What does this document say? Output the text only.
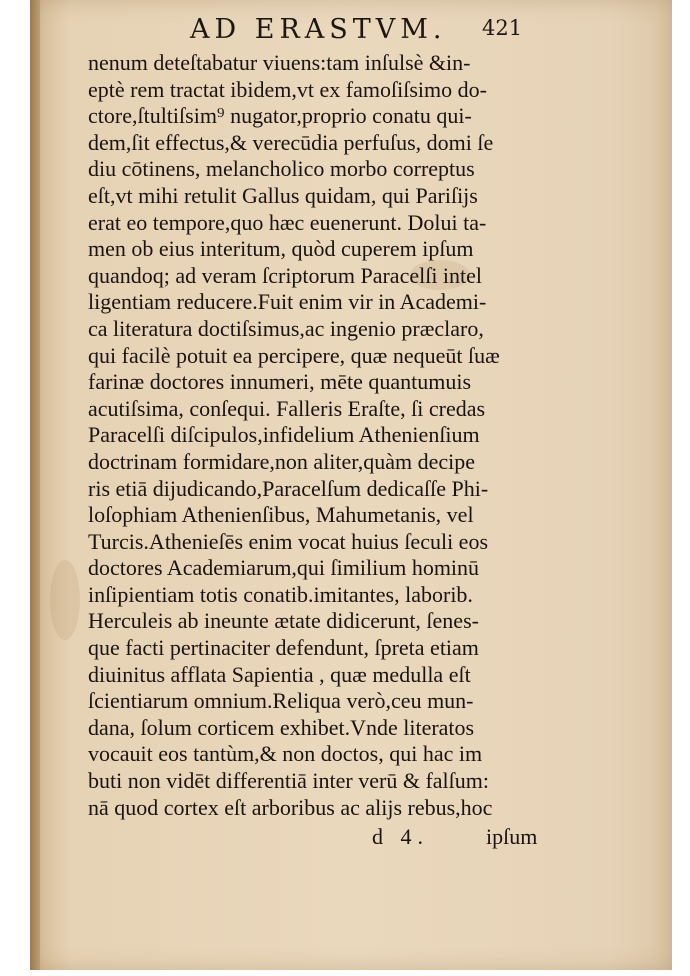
AD ERASTVM. 421
nenum deteſtabatur viuens:tam inſulsè &in-
eptè rem tractat ibidem,vt ex famoſiſsimo do-
ctore,ſtultiſsim⁹ nugator,proprio conatu qui-
dem,ſit effectus,& verecūdia perfuſus, domi ſe
diu cōtinens, melancholico morbo correptus
eſt,vt mihi retulit Gallus quidam, qui Pariſijs
erat eo tempore,quo hæc euenerunt. Dolui ta-
men ob eius interitum, quòd cuperem ipſum
quandoq; ad veram ſcriptorum Paracelſi intel
ligentiam reducere.Fuit enim vir in Academi-
ca literatura doctiſsimus,ac ingenio præclaro,
qui facilè potuit ea percipere, quæ nequeūt ſuæ
farinæ doctores innumeri, mēte quantumuis
acutiſsima, conſequi. Falleris Eraſte, ſi credas
Paracelſi diſcipulos,infidelium Athenienſium
doctrinam formidare,non aliter,quàm decipe
ris etiā dijudicando,Paracelſum dedicaſſe Phi-
loſophiam Athenienſibus, Mahumetanis, vel
Turcis.Athenieſēs enim vocat huius ſeculi eos
doctores Academiarum,qui ſimilium hominū
inſipientiam totis conatib.imitantes, laborib.
Herculeis ab ineunte ætate didicerunt, ſenes-
que facti pertinaciter defendunt, ſpreta etiam
diuinitus afflata Sapientia , quæ medulla eſt
ſcientiarum omnium.Reliqua verò,ceu mun-
dana, ſolum corticem exhibet.Vnde literatos
vocauit eos tantùm,& non doctos, qui hac im
buti non vidēt differentiā inter verū & falſum:
nā quod cortex eſt arboribus ac alijs rebus,hoc
d 4.	ipſum
